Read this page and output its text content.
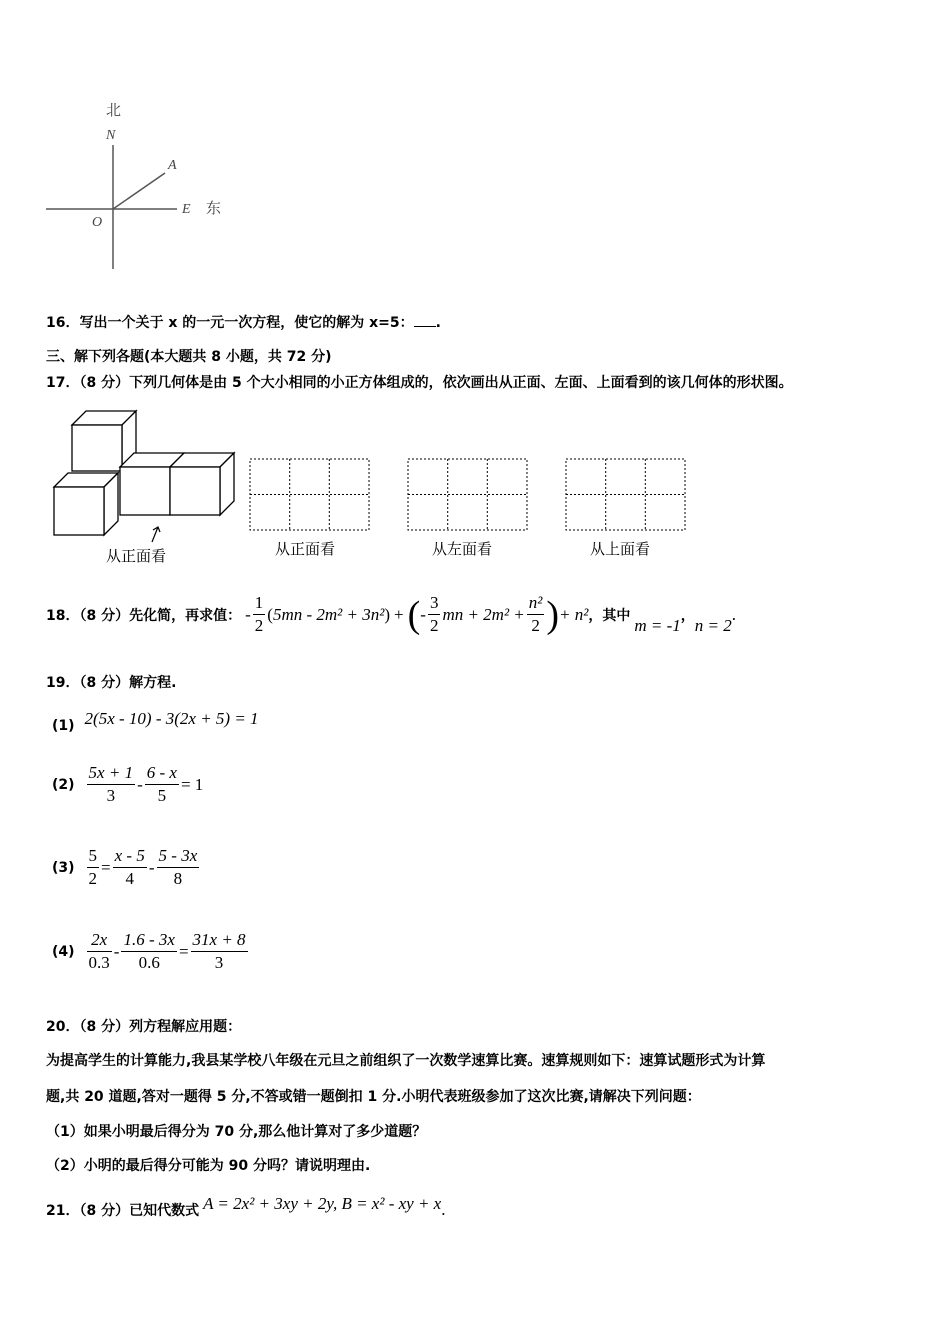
北
N
A
O
E 东
16．写出一个关于 x 的一元一次方程，使它的解为 x=5： .
三、解下列各题(本大题共 8 小题，共 72 分)
17．（8 分）下列几何体是由 5 个大小相同的小正方体组成的，依次画出从正面、左面、上面看到的该几何体的形状图。
从正面看	从正面看	从左面看	从上面看
18．（8 分）先化简，再求值： - $\frac{1}{2} (5mn - 2m^2 + 3n^2)$ + ( - $\frac{3}{2}$ mn + $2m^2 + \frac{\text{n²}}{2}$ ) + n² ，其中 m = -1 ， n = 2
.
19．（8 分）解方程.
(1) 2(5x - 10) - 3(2x + 5) = 1
$(2) \frac{5x + 1}{3} - \frac{6 - x}{5} = 1$
$(3) \frac{5}{2} = \frac{x - 5}{4} - \frac{5 - 3x}{8}$
$(4) \frac{2x}{0.3} - \frac{1.6 - 3x}{0.6} = \frac{31x + 8}{3}$
20．（8 分）列方程解应用题：
为提高学生的计算能力,我县某学校八年级在元旦之前组织了一次数学速算比赛。速算规则如下：速算试题形式为计算
题,共 20 道题,答对一题得 5 分,不答或错一题倒扣 1 分.小明代表班级参加了这次比赛,请解决下列问题：
（1）如果小明最后得分为 70 分,那么他计算对了多少道题？
（2）小明的最后得分可能为 90 分吗？请说明理由.
21．（8 分）已知代数式 A = 2x² + 3xy + 2y, B = x² - xy + x .
